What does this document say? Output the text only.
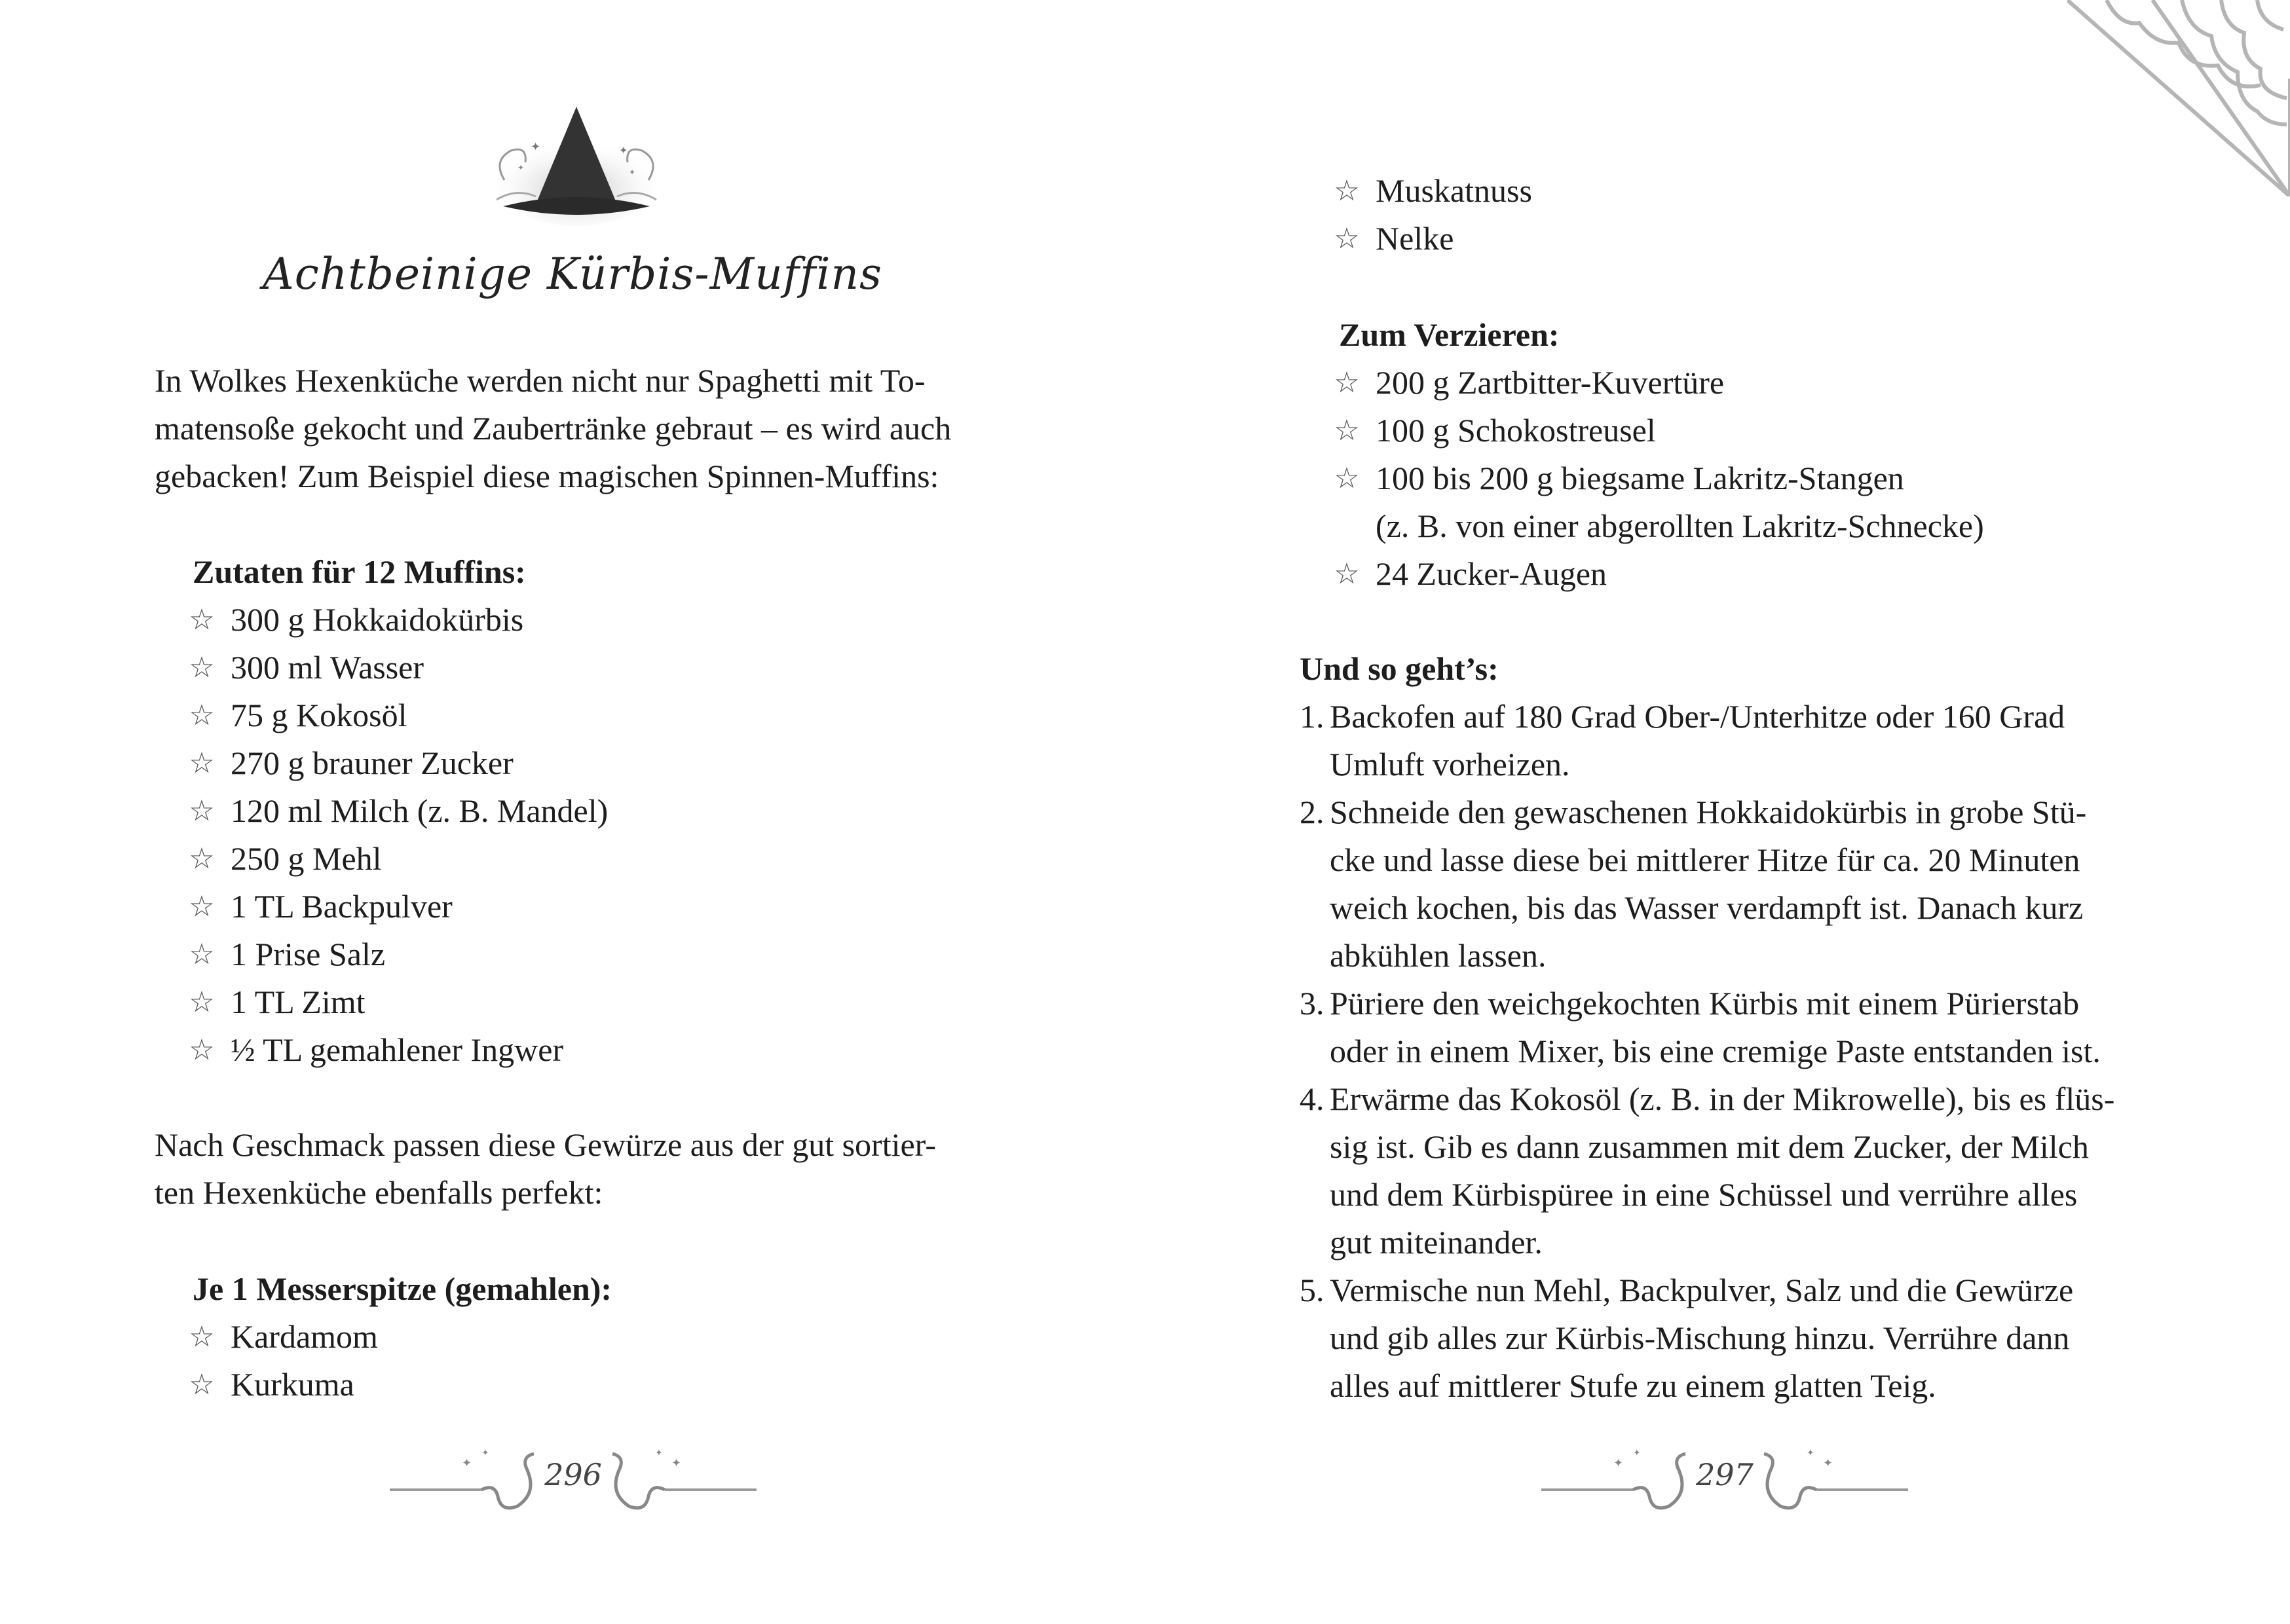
✦	✦
✦	✦
Achtbeinige Kürbis-Muffins
In Wolkes Hexenküche werden nicht nur Spaghetti mit To-
matensoße gekocht und Zaubertränke gebraut – es wird auch
gebacken! Zum Beispiel diese magischen Spinnen-Muffins:
Zutaten für 12 Muffins:
☆ 300 g Hokkaidokürbis
☆ 300 ml Wasser
☆ 75 g Kokosöl
☆ 270 g brauner Zucker
☆ 120 ml Milch (z. B. Mandel)
☆ 250 g Mehl
☆ 1 TL Backpulver
☆ 1 Prise Salz
☆ 1 TL Zimt
☆ ½ TL gemahlener Ingwer
Nach Geschmack passen diese Gewürze aus der gut sortier-
ten Hexenküche ebenfalls perfekt:
Je 1 Messerspitze (gemahlen):
☆ Kardamom
☆ Kurkuma
✦
✦
✦
✦
296
☆ Muskatnuss
☆ Nelke
Zum Verzieren:
☆ 200 g Zartbitter-Kuvertüre
☆ 100 g Schokostreusel
☆ 100 bis 200 g biegsame Lakritz-Stangen
(z. B. von einer abgerollten Lakritz-Schnecke)
☆ 24 Zucker-Augen
Und so geht’s:
1. Backofen auf 180 Grad Ober-/Unterhitze oder 160 Grad
Umluft vorheizen.
2. Schneide den gewaschenen Hokkaidokürbis in grobe Stü-
cke und lasse diese bei mittlerer Hitze für ca. 20 Minuten
weich kochen, bis das Wasser verdampft ist. Danach kurz
abkühlen lassen.
3. Püriere den weichgekochten Kürbis mit einem Pürierstab
oder in einem Mixer, bis eine cremige Paste entstanden ist.
4. Erwärme das Kokosöl (z. B. in der Mikrowelle), bis es flüs-
sig ist. Gib es dann zusammen mit dem Zucker, der Milch
und dem Kürbispüree in eine Schüssel und verrühre alles
gut miteinander.
5. Vermische nun Mehl, Backpulver, Salz und die Gewürze
und gib alles zur Kürbis-Mischung hinzu. Verrühre dann
alles auf mittlerer Stufe zu einem glatten Teig.
✦
✦
✦
✦
297
